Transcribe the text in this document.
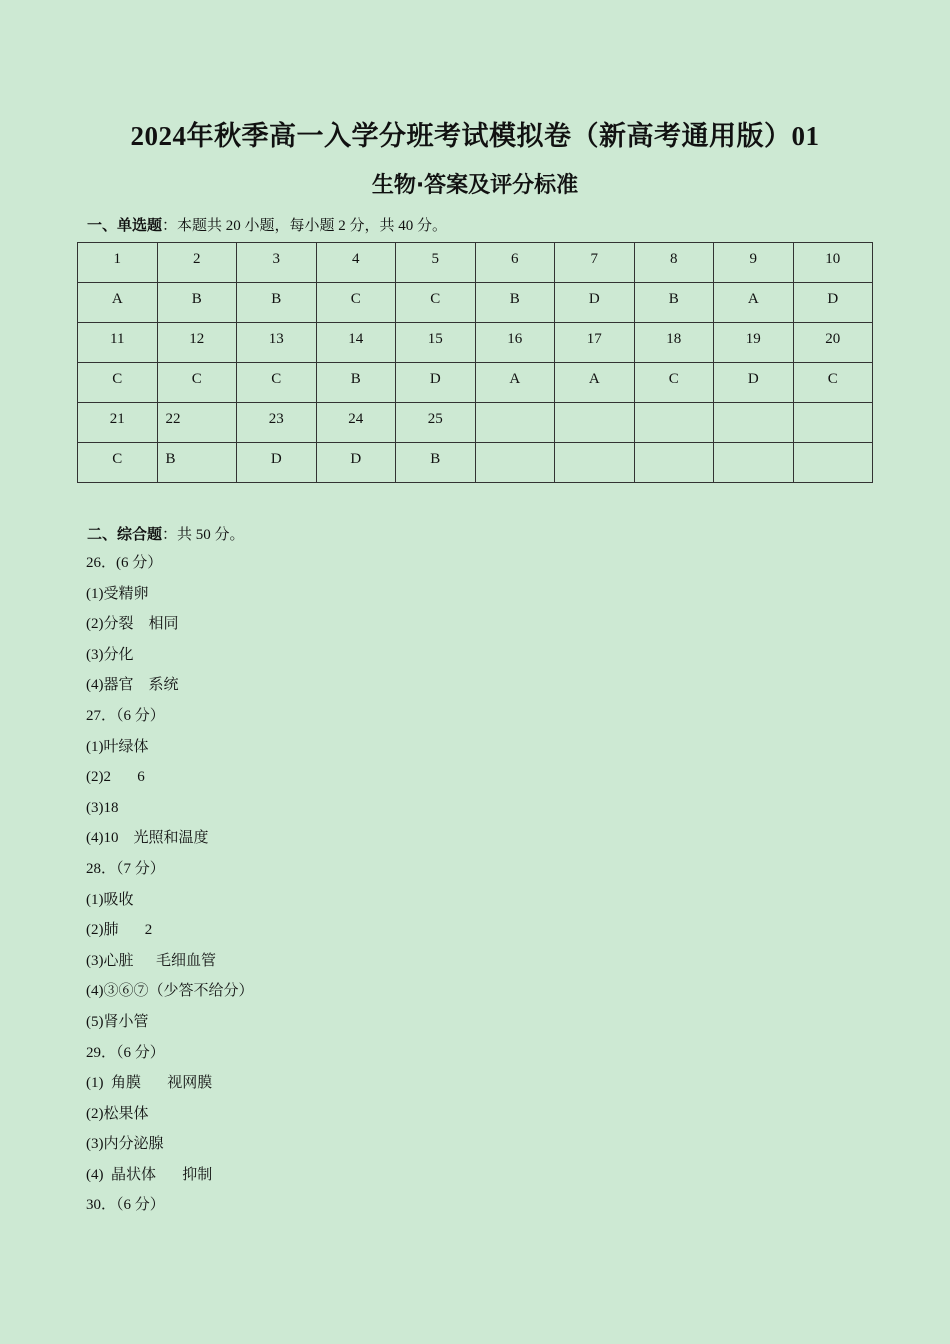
2024年秋季高一入学分班考试模拟卷（新高考通用版）01
生物·答案及评分标准
一、单选题：本题共 20 小题，每小题 2 分，共 40 分。
1	2	3	4	5	6	7	8	9	10
A	B	B	C	C	B	D	B	A	D
11	12	13	14	15	16	17	18	19	20
C	C	C	B	D	A	A	C	D	C
21	22	23	24	25					
C	B	D	D	B					
二、综合题：共 50 分。
26．(6 分）
(1)受精卵
(2)分裂    相同
(3)分化
(4)器官    系统
27．（6 分）
(1)叶绿体
(2)2       6
(3)18
(4)10    光照和温度
28．（7 分）
(1)吸收
(2)肺       2
(3)心脏      毛细血管
(4)③⑥⑦（少答不给分）
(5)肾小管
29．（6 分）
(1)  角膜       视网膜
(2)松果体
(3)内分泌腺
(4)  晶状体       抑制
30．（6 分）
